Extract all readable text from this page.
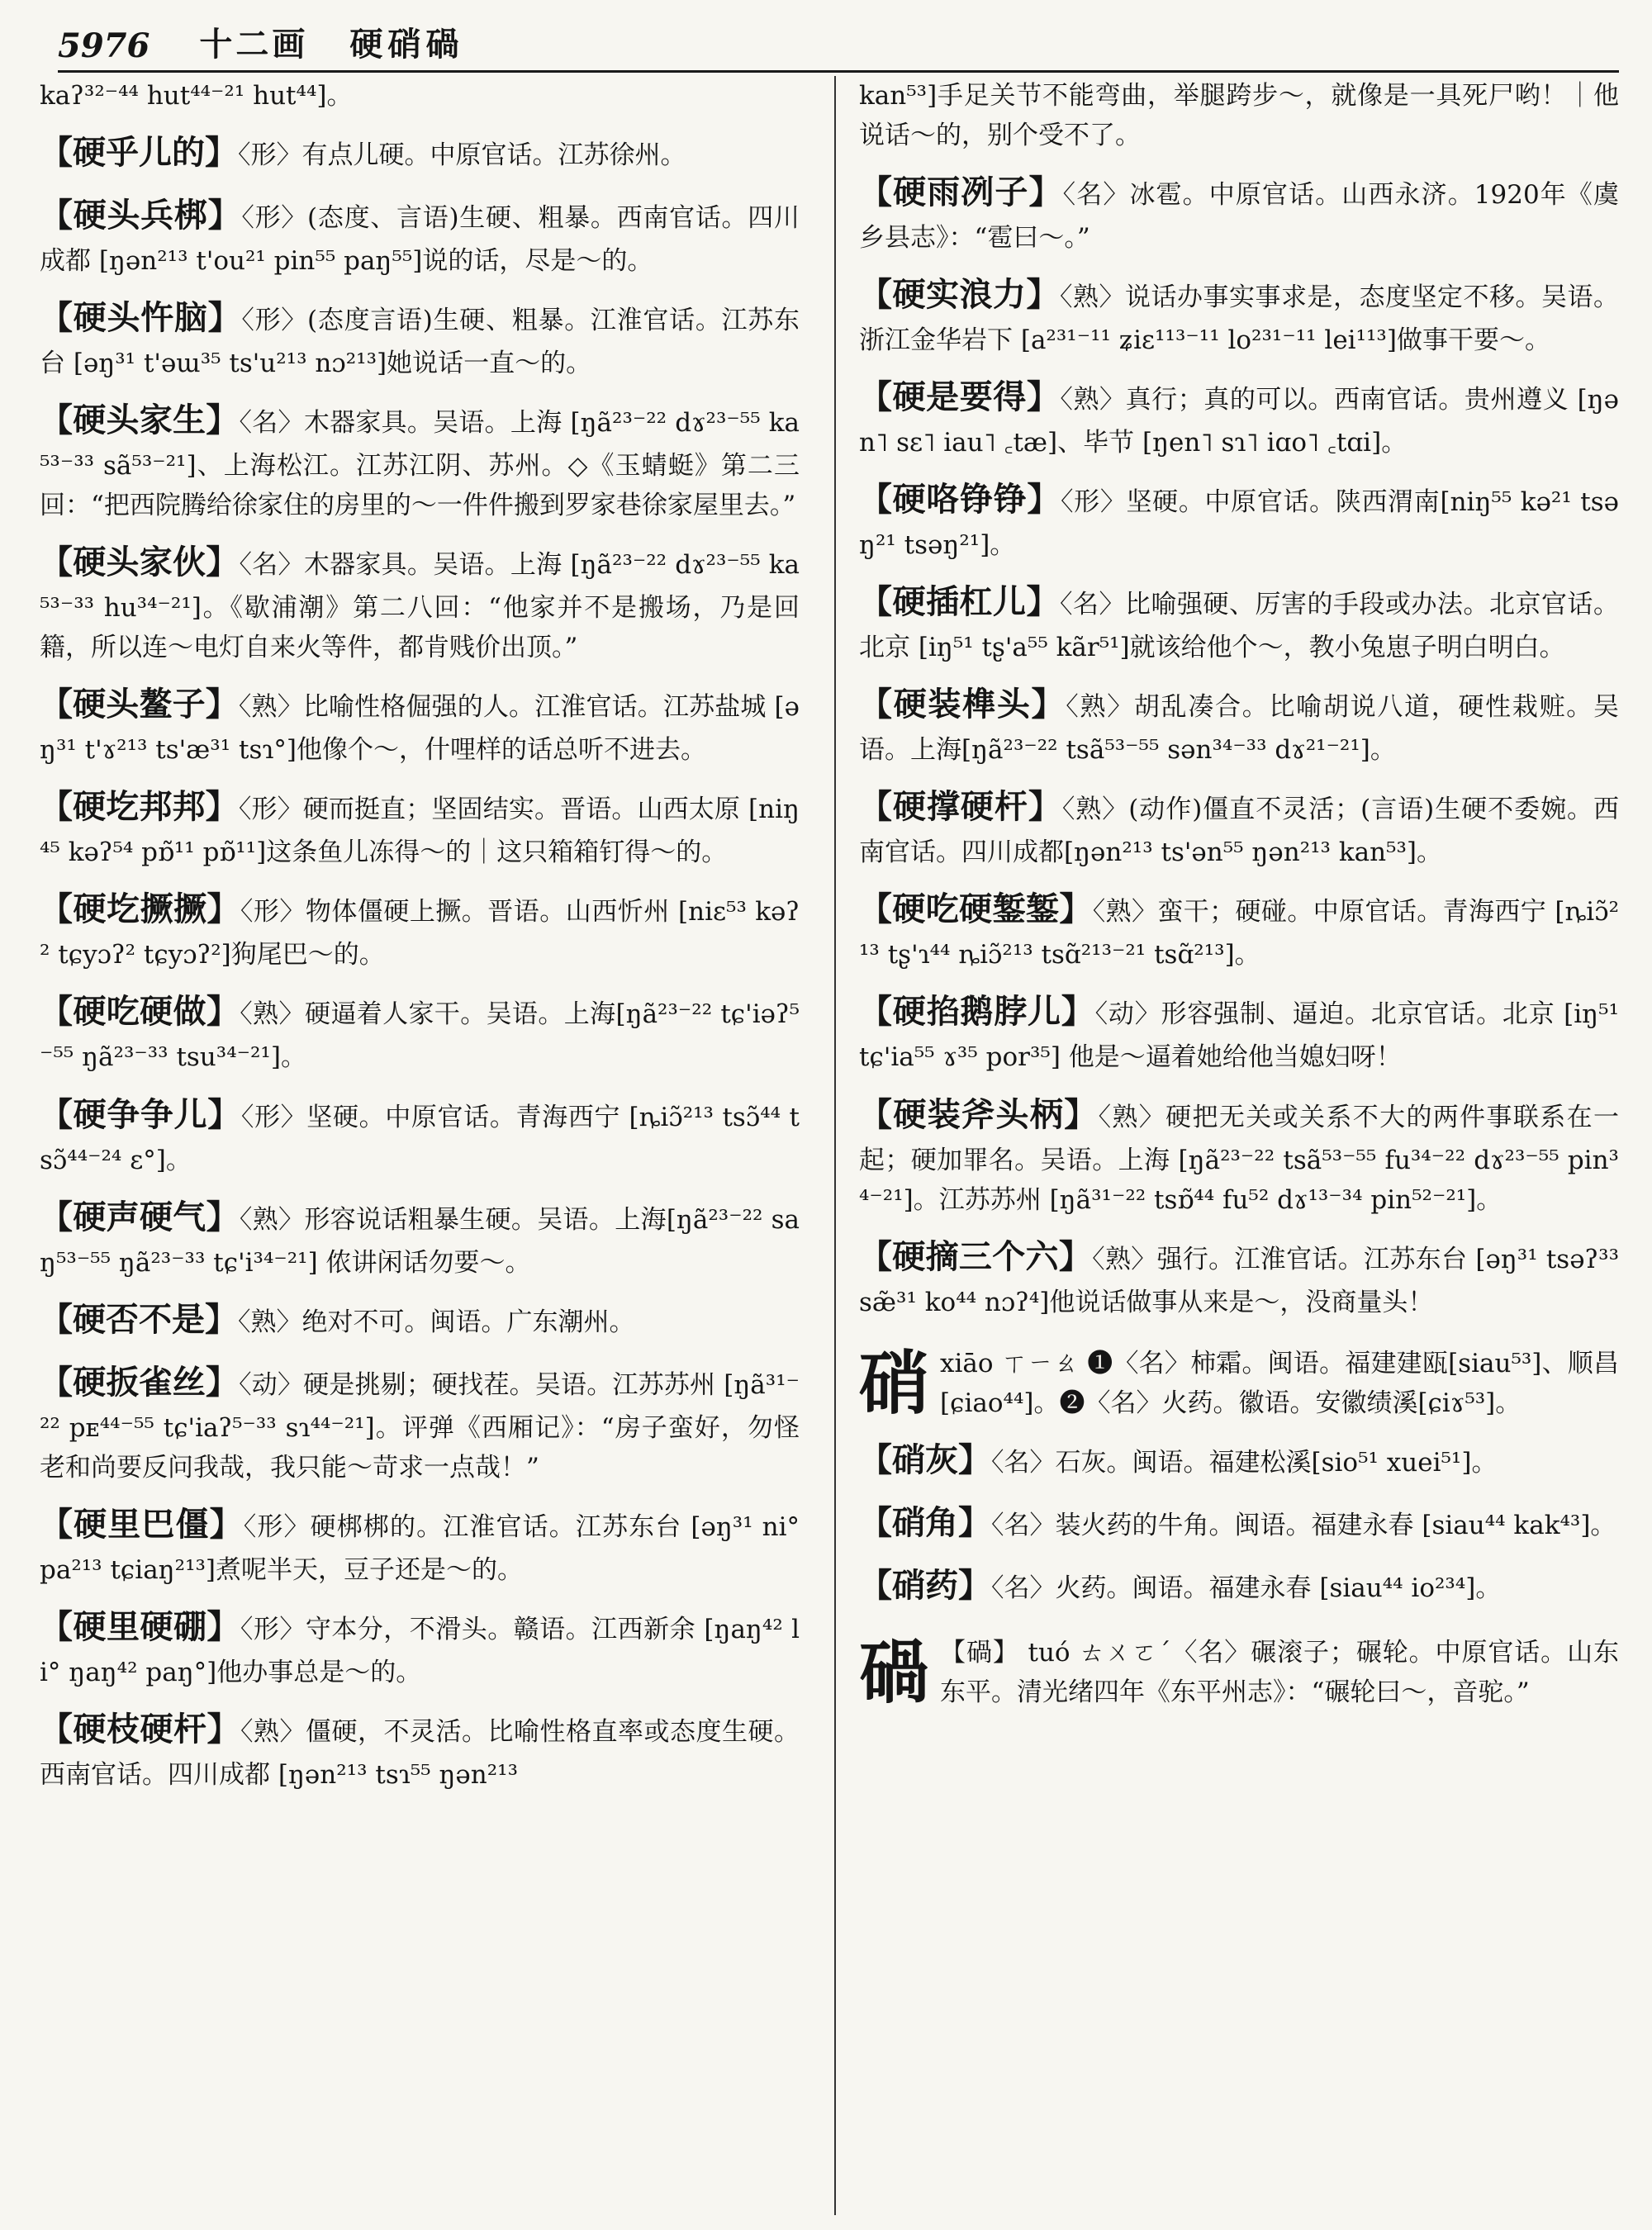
5976 十二画 硬硝碢
kaʔ³²⁻⁴⁴ hut⁴⁴⁻²¹ hut⁴⁴]。
【硬乎儿的】〈形〉有点儿硬。中原官话。江苏徐州。
【硬头兵梆】〈形〉(态度、言语)生硬、粗暴。西南官话。四川成都 [ŋən²¹³ t'ou²¹ pin⁵⁵ paŋ⁵⁵]说的话，尽是～的。
【硬头忤脑】〈形〉(态度言语)生硬、粗暴。江淮官话。江苏东台 [əŋ³¹ t'əɯ³⁵ ts'u²¹³ nɔ²¹³]她说话一直～的。
【硬头家生】〈名〉木器家具。吴语。上海 [ŋã²³⁻²² dɤ²³⁻⁵⁵ ka⁵³⁻³³ sã⁵³⁻²¹]、上海松江。江苏江阴、苏州。◇《玉蜻蜓》第二三回：“把西院腾给徐家住的房里的～一件件搬到罗家巷徐家屋里去。”
【硬头家伙】〈名〉木器家具。吴语。上海 [ŋã²³⁻²² dɤ²³⁻⁵⁵ ka⁵³⁻³³ hu³⁴⁻²¹]。《歇浦潮》第二八回：“他家并不是搬场，乃是回籍，所以连～电灯自来火等件，都肯贱价出顶。”
【硬头鳌子】〈熟〉比喻性格倔强的人。江淮官话。江苏盐城 [əŋ³¹ t'ɤ²¹³ ts'æ³¹ tsɿ°]他像个～，什哩样的话总听不进去。
【硬圪邦邦】〈形〉硬而挺直；坚固结实。晋语。山西太原 [niŋ⁴⁵ kəʔ⁵⁴ pɒ̃¹¹ pɒ̃¹¹]这条鱼儿冻得～的｜这只箱箱钉得～的。
【硬圪撅撅】〈形〉物体僵硬上撅。晋语。山西忻州 [niɛ⁵³ kəʔ² tɕyɔʔ² tɕyɔʔ²]狗尾巴～的。
【硬吃硬做】〈熟〉硬逼着人家干。吴语。上海[ŋã²³⁻²² tɕ'iəʔ⁵⁻⁵⁵ ŋã²³⁻³³ tsu³⁴⁻²¹]。
【硬争争儿】〈形〉坚硬。中原官话。青海西宁 [ȵiɔ̃²¹³ tsɔ̃⁴⁴ tsɔ̃⁴⁴⁻²⁴ ɛ°]。
【硬声硬气】〈熟〉形容说话粗暴生硬。吴语。上海[ŋã²³⁻²² saŋ⁵³⁻⁵⁵ ŋã²³⁻³³ tɕ'i³⁴⁻²¹] 侬讲闲话勿要～。
【硬否不是】〈熟〉绝对不可。闽语。广东潮州。
【硬扳雀丝】〈动〉硬是挑剔；硬找茬。吴语。江苏苏州 [ŋã³¹⁻²² pᴇ⁴⁴⁻⁵⁵ tɕ'iaʔ⁵⁻³³ sɿ⁴⁴⁻²¹]。评弹《西厢记》：“房子蛮好，勿怪老和尚要反问我哉，我只能～苛求一点哉！”
【硬里巴僵】〈形〉硬梆梆的。江淮官话。江苏东台 [əŋ³¹ ni° pa²¹³ tɕiaŋ²¹³]煮呢半天，豆子还是～的。
【硬里硬硼】〈形〉守本分，不滑头。赣语。江西新余 [ŋaŋ⁴² li° ŋaŋ⁴² paŋ°]他办事总是～的。
【硬枝硬杆】〈熟〉僵硬，不灵活。比喻性格直率或态度生硬。西南官话。四川成都 [ŋən²¹³ tsɿ⁵⁵ ŋən²¹³
kan⁵³]手足关节不能弯曲，举腿跨步～，就像是一具死尸哟！｜他说话～的，别个受不了。
【硬雨冽子】〈名〉冰雹。中原官话。山西永济。1920年《虞乡县志》：“雹曰～。”
【硬实浪力】〈熟〉说话办事实事求是，态度坚定不移。吴语。浙江金华岩下 [a²³¹⁻¹¹ ʑiɛ¹¹³⁻¹¹ lo²³¹⁻¹¹ lei¹¹³]做事干要～。
【硬是要得】〈熟〉真行；真的可以。西南官话。贵州遵义 [ŋən˥ sɛ˥ iau˥ ꜀tæ]、毕节 [ŋen˥ sɿ˥ iɑo˥ ꜀tɑi]。
【硬咯铮铮】〈形〉坚硬。中原官话。陕西渭南[niŋ⁵⁵ kə²¹ tsəŋ²¹ tsəŋ²¹]。
【硬插杠儿】〈名〉比喻强硬、厉害的手段或办法。北京官话。北京 [iŋ⁵¹ tʂ'a⁵⁵ kãr⁵¹]就该给他个～，教小兔崽子明白明白。
【硬装榫头】〈熟〉胡乱凑合。比喻胡说八道，硬性栽赃。吴语。上海[ŋã²³⁻²² tsã⁵³⁻⁵⁵ sən³⁴⁻³³ dɤ²¹⁻²¹]。
【硬撑硬杆】〈熟〉(动作)僵直不灵活；(言语)生硬不委婉。西南官话。四川成都[ŋən²¹³ ts'ən⁵⁵ ŋən²¹³ kan⁵³]。
【硬吃硬錾錾】〈熟〉蛮干；硬碰。中原官话。青海西宁 [ȵiɔ̃²¹³ tʂ'ɿ⁴⁴ ȵiɔ̃²¹³ tsɑ̃²¹³⁻²¹ tsɑ̃²¹³]。
【硬掐鹅脖儿】〈动〉形容强制、逼迫。北京官话。北京 [iŋ⁵¹ tɕ'ia⁵⁵ ɤ³⁵ por³⁵] 他是～逼着她给他当媳妇呀！
【硬装斧头柄】〈熟〉硬把无关或关系不大的两件事联系在一起；硬加罪名。吴语。上海 [ŋã²³⁻²² tsã⁵³⁻⁵⁵ fu³⁴⁻²² dɤ²³⁻⁵⁵ pin³⁴⁻²¹]。江苏苏州 [ŋã³¹⁻²² tsɒ̃⁴⁴ fu⁵² dɤ¹³⁻³⁴ pin⁵²⁻²¹]。
【硬摘三个六】〈熟〉强行。江淮官话。江苏东台 [əŋ³¹ tsəʔ³³ sæ̃³¹ ko⁴⁴ nɔʔ⁴]他说话做事从来是～，没商量头！
硝 xiāo ㄒㄧㄠ ❶〈名〉柿霜。闽语。福建建瓯[siau⁵³]、顺昌[ɕiao⁴⁴]。❷〈名〉火药。徽语。安徽绩溪[ɕiɤ⁵³]。
【硝灰】〈名〉石灰。闽语。福建松溪[sio⁵¹ xuei⁵¹]。
【硝角】〈名〉装火药的牛角。闽语。福建永春 [siau⁴⁴ kak⁴³]。
【硝药】〈名〉火药。闽语。福建永春 [siau⁴⁴ io²³⁴]。
碢 【碢】 tuó ㄊㄨㄛˊ〈名〉碾滚子；碾轮。中原官话。山东东平。清光绪四年《东平州志》：“碾轮曰～，音驼。”
